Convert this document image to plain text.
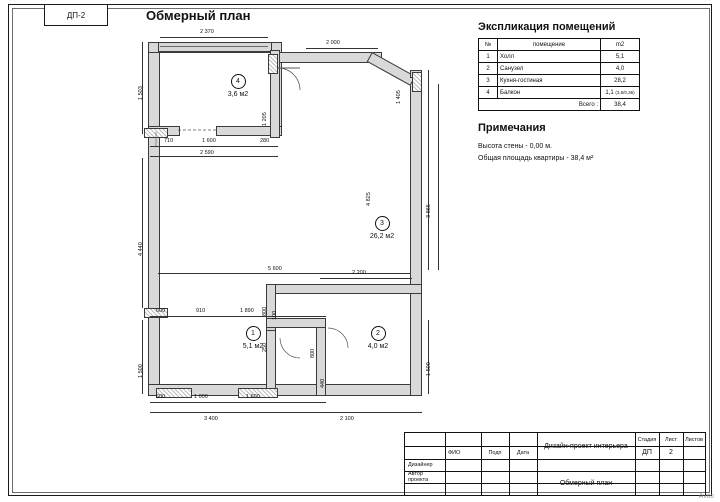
ДП-2	Обмерный план
Экспликация помещений
Примечания
№	помещение	m2
1	Холл	5,1
2	Санузел	4,0
3	Кухня-гостиная	28,2
4	Балкон	1,1 (3,6/0,36)
Всего :		38,4
Высота стены - 0,00 м.
Общая площадь квартиры - 38,4 м²
4
3,6 м2
3
26,2 м2
1
5,1 м2
2
4,0 м2
2 370
2 000
710	1 600	280
2 590
5 600
2 200
600	910	1 890
600	1 000	1 600
3 400	2 100
1 503
1 205
4 440
1 500
1 405
4 825
3 865
1 500
800 100
250
800
440
ФИО	Подп	Дата
Дизайнер
Автор проекта
Дизайн-проект интерьера
Обмерный план
Стадия	Лист	Листов
ДП	2
Avito
